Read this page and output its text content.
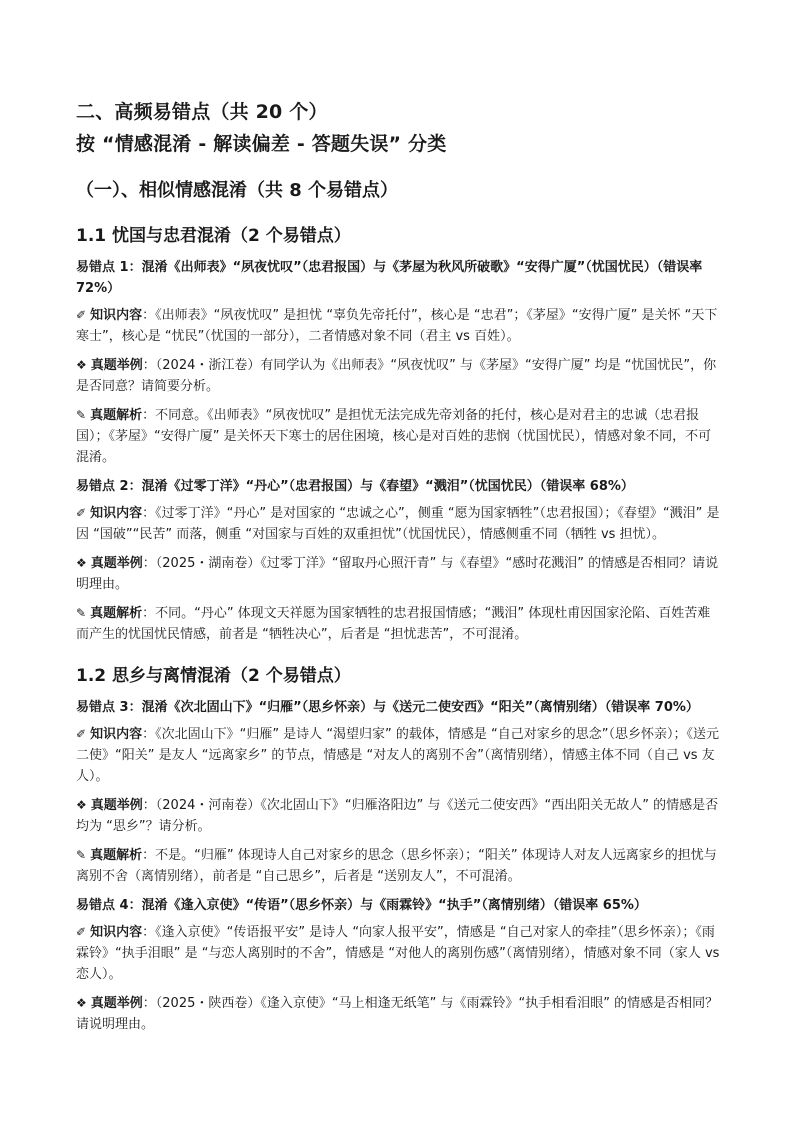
二、高频易错点（共 20 个）
按 “情感混淆 - 解读偏差 - 答题失误” 分类
（一）、相似情感混淆（共 8 个易错点）
1.1 忧国与忠君混淆（2 个易错点）
易错点 1：混淆《出师表》“夙夜忧叹”（忠君报国）与《茅屋为秋风所破歌》“安得广厦”（忧国忧民）（错误率 72%）

✐ 知识内容：《出师表》“夙夜忧叹” 是担忧 “辜负先帝托付”，核心是 “忠君”；《茅屋》“安得广厦” 是关怀 “天下寒士”，核心是 “忧民”（忧国的一部分），二者情感对象不同（君主 vs 百姓）。

❖ 真题举例：（2024・浙江卷）有同学认为《出师表》“夙夜忧叹” 与《茅屋》“安得广厦” 均是 “忧国忧民”，你是否同意？请简要分析。

✎ 真题解析：不同意。《出师表》“夙夜忧叹” 是担忧无法完成先帝刘备的托付，核心是对君主的忠诚（忠君报国）；《茅屋》“安得广厦” 是关怀天下寒士的居住困境，核心是对百姓的悲悯（忧国忧民），情感对象不同，不可混淆。

易错点 2：混淆《过零丁洋》“丹心”（忠君报国）与《春望》“溅泪”（忧国忧民）（错误率 68%）

✐ 知识内容：《过零丁洋》“丹心” 是对国家的 “忠诚之心”，侧重 “愿为国家牺牲”（忠君报国）；《春望》“溅泪” 是因 “国破”“民苦” 而落，侧重 “对国家与百姓的双重担忧”（忧国忧民），情感侧重不同（牺牲 vs 担忧）。

❖ 真题举例：（2025・湖南卷）《过零丁洋》“留取丹心照汗青” 与《春望》“感时花溅泪” 的情感是否相同？请说明理由。

✎ 真题解析：不同。“丹心” 体现文天祥愿为国家牺牲的忠君报国情感；“溅泪” 体现杜甫因国家沦陷、百姓苦难而产生的忧国忧民情感，前者是 “牺牲决心”，后者是 “担忧悲苦”，不可混淆。

1.2 思乡与离情混淆（2 个易错点）
易错点 3：混淆《次北固山下》“归雁”（思乡怀亲）与《送元二使安西》“阳关”（离情别绪）（错误率 70%）

✐ 知识内容：《次北固山下》“归雁” 是诗人 “渴望归家” 的载体，情感是 “自己对家乡的思念”（思乡怀亲）；《送元二使》“阳关” 是友人 “远离家乡” 的节点，情感是 “对友人的离别不舍”（离情别绪），情感主体不同（自己 vs 友人）。

❖ 真题举例：（2024・河南卷）《次北固山下》“归雁洛阳边” 与《送元二使安西》“西出阳关无故人” 的情感是否均为 “思乡”？请分析。

✎ 真题解析：不是。“归雁” 体现诗人自己对家乡的思念（思乡怀亲）；“阳关” 体现诗人对友人远离家乡的担忧与离别不舍（离情别绪），前者是 “自己思乡”，后者是 “送别友人”，不可混淆。

易错点 4：混淆《逢入京使》“传语”（思乡怀亲）与《雨霖铃》“执手”（离情别绪）（错误率 65%）

✐ 知识内容：《逢入京使》“传语报平安” 是诗人 “向家人报平安”，情感是 “自己对家人的牵挂”（思乡怀亲）；《雨霖铃》“执手泪眼” 是 “与恋人离别时的不舍”，情感是 “对他人的离别伤感”（离情别绪），情感对象不同（家人 vs 恋人）。

❖ 真题举例：（2025・陕西卷）《逢入京使》“马上相逢无纸笔” 与《雨霖铃》“执手相看泪眼” 的情感是否相同？请说明理由。
